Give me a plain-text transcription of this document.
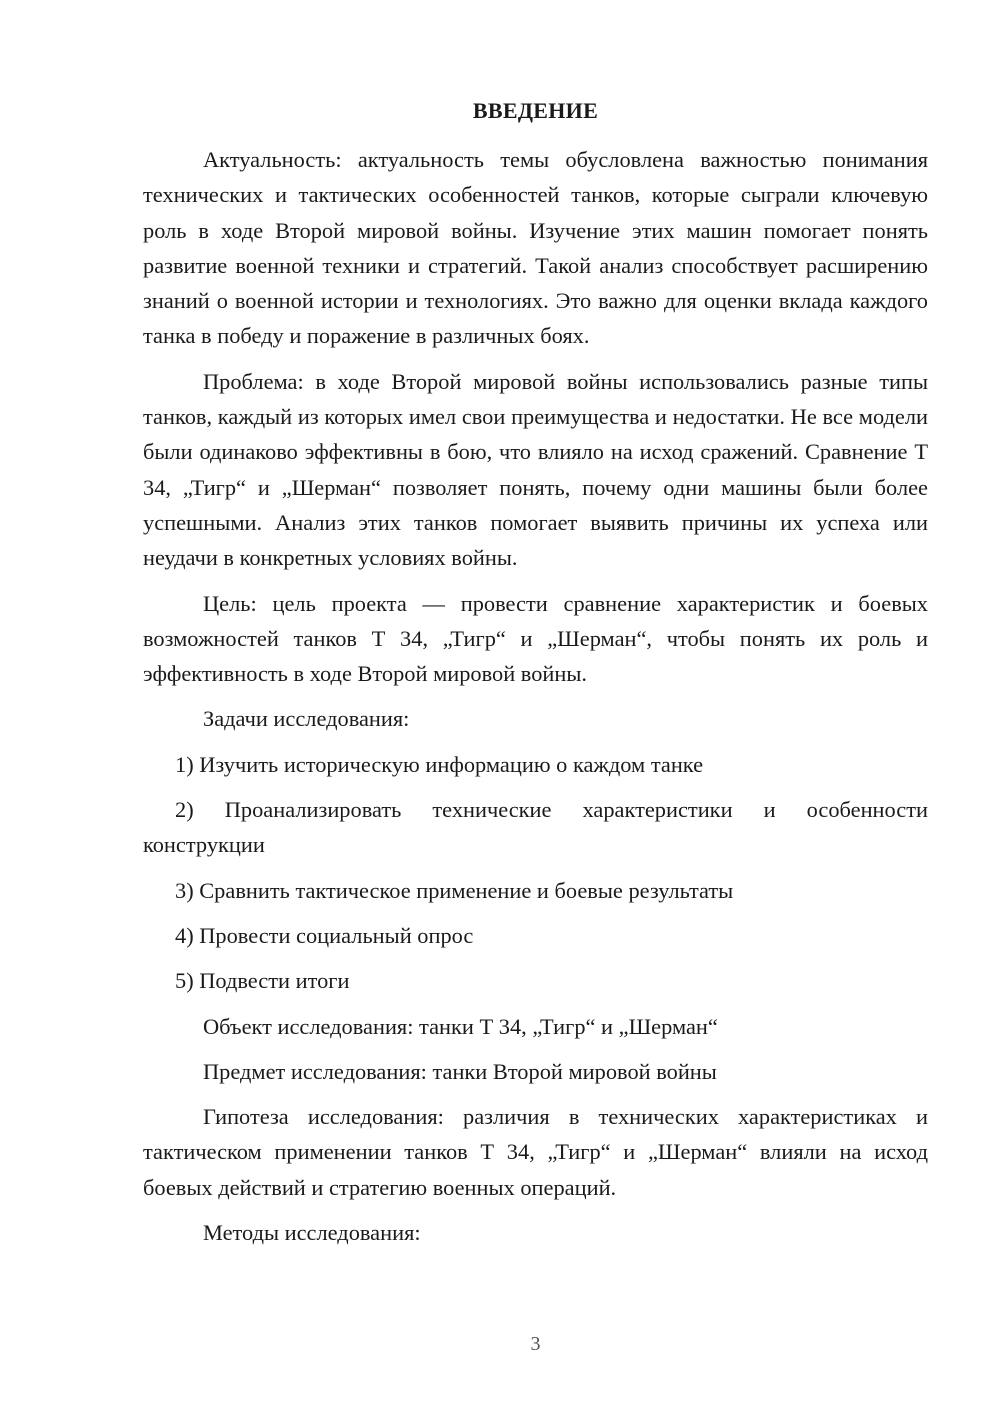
ВВЕДЕНИЕ

Актуальность: актуальность темы обусловлена важностью понимания технических и тактических особенностей танков, которые сыграли ключевую роль в ходе Второй мировой войны. Изучение этих машин помогает понять развитие военной техники и стратегий. Такой анализ способствует расширению знаний о военной истории и технологиях. Это важно для оценки вклада каждого танка в победу и поражение в различных боях.

Проблема: в ходе Второй мировой войны использовались разные типы танков, каждый из которых имел свои преимущества и недостатки. Не все модели были одинаково эффективны в бою, что влияло на исход сражений. Сравнение Т 34, „Тигр“ и „Шерман“ позволяет понять, почему одни машины были более успешными. Анализ этих танков помогает выявить причины их успеха или неудачи в конкретных условиях войны.

Цель: цель проекта — провести сравнение характеристик и боевых возможностей танков Т 34, „Тигр“ и „Шерман“, чтобы понять их роль и эффективность в ходе Второй мировой войны.

Задачи исследования:

1) Изучить историческую информацию о каждом танке

2) Проанализировать технические характеристики и особенности конструкции

3) Сравнить тактическое применение и боевые результаты

4) Провести социальный опрос

5) Подвести итоги

Объект исследования: танки Т 34, „Тигр“ и „Шерман“

Предмет исследования: танки Второй мировой войны

Гипотеза исследования: различия в технических характеристиках и тактическом применении танков Т 34, „Тигр“ и „Шерман“ влияли на исход боевых действий и стратегию военных операций.

Методы исследования:

3
